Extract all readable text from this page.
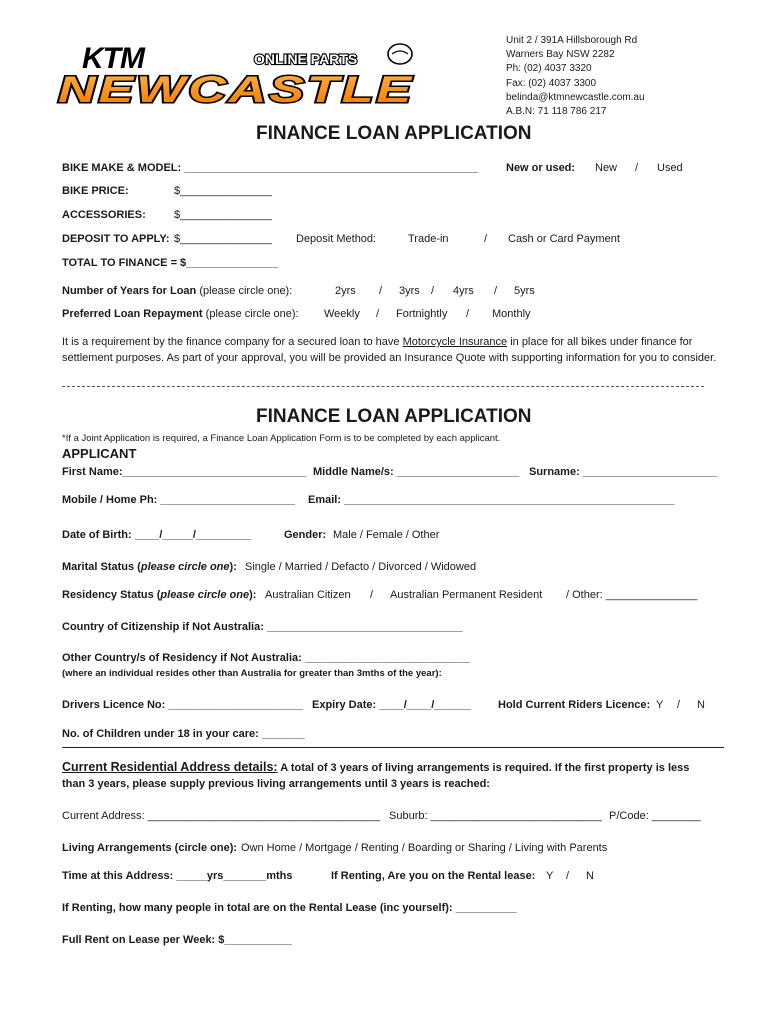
KTM	ONLINE PARTS
NEWCASTLE
Unit 2 / 391A Hillsborough Rd
Warners Bay NSW 2282
Ph: (02) 4037 3320
Fax: (02) 4037 3300
belinda@ktmnewcastle.com.au
A.B.N: 71 118 786 217
FINANCE LOAN APPLICATION
BIKE MAKE & MODEL: ________________________________________________	New or used: New / Used
BIKE PRICE:	$_______________
ACCESSORIES:	$_______________
DEPOSIT TO APPLY: $_______________ Deposit Method:	Trade-in	/ Cash or Card Payment
TOTAL TO FINANCE = $_______________
Number of Years for Loan (please circle one):	2yrs / 3yrs / 4yrs / 5yrs
Preferred Loan Repayment (please circle one): Weekly / Fortnightly / Monthly
It is a requirement by the finance company for a secured loan to have Motorcycle Insurance in place for all bikes under finance for settlement purposes. As part of your approval, you will be provided an Insurance Quote with supporting information for you to consider.
FINANCE LOAN APPLICATION
*If a Joint Application is required, a Finance Loan Application Form is to be completed by each applicant.
APPLICANT
First Name:______________________________ Middle Name/s: ____________________ Surname: ______________________
Mobile / Home Ph: ______________________ Email: ______________________________________________________
Date of Birth: ____/_____/_________	Gender: Male / Female / Other
Marital Status (please circle one): Single / Married / Defacto / Divorced / Widowed
Residency Status (please circle one): Australian Citizen / Australian Permanent Resident / Other: _______________
Country of Citizenship if Not Australia: ________________________________
Other Country/s of Residency if Not Australia: ___________________________
(where an individual resides other than Australia for greater than 3mths of the year):
Drivers Licence No: ______________________ Expiry Date: ____/____/______ Hold Current Riders Licence: Y / N
No. of Children under 18 in your care: _______
Current Residential Address details: A total of 3 years of living arrangements is required. If the first property is less
than 3 years, please supply previous living arrangements until 3 years is reached:
Current Address: ______________________________________ Suburb: ____________________________ P/Code: ________
Living Arrangements (circle one): Own Home / Mortgage / Renting / Boarding or Sharing / Living with Parents
Time at this Address: _____yrs_______mths	If Renting, Are you on the Rental lease: Y / N
If Renting, how many people in total are on the Rental Lease (inc yourself): __________
Full Rent on Lease per Week: $___________
